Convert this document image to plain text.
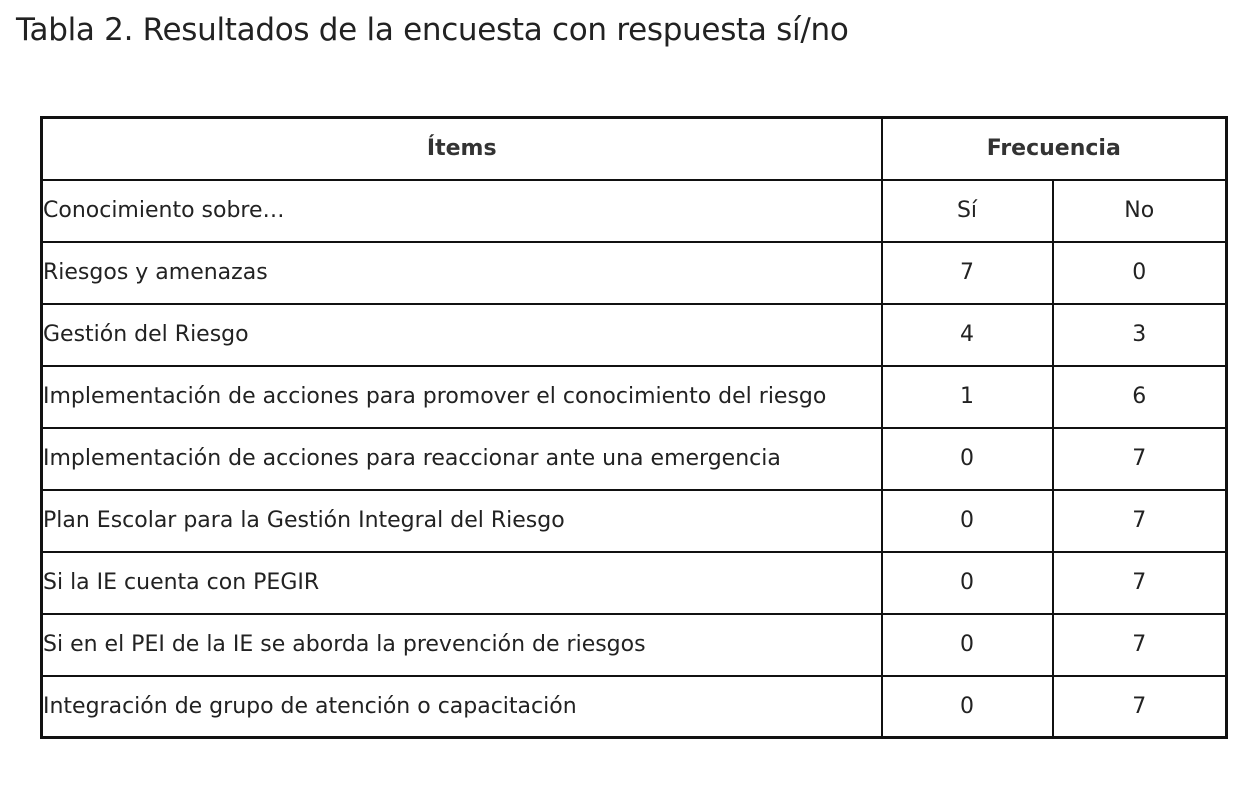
Tabla 2. Resultados de la encuesta con respuesta sí/no
Ítems	Frecuencia	
Conocimiento sobre…	Sí	No
Riesgos y amenazas	7	0
Gestión del Riesgo	4	3
Implementación de acciones para promover el conocimiento del riesgo	1	6
Implementación de acciones para reaccionar ante una emergencia	0	7
Plan Escolar para la Gestión Integral del Riesgo	0	7
Si la IE cuenta con PEGIR	0	7
Si en el PEI de la IE se aborda la prevención de riesgos	0	7
Integración de grupo de atención o capacitación	0	7
